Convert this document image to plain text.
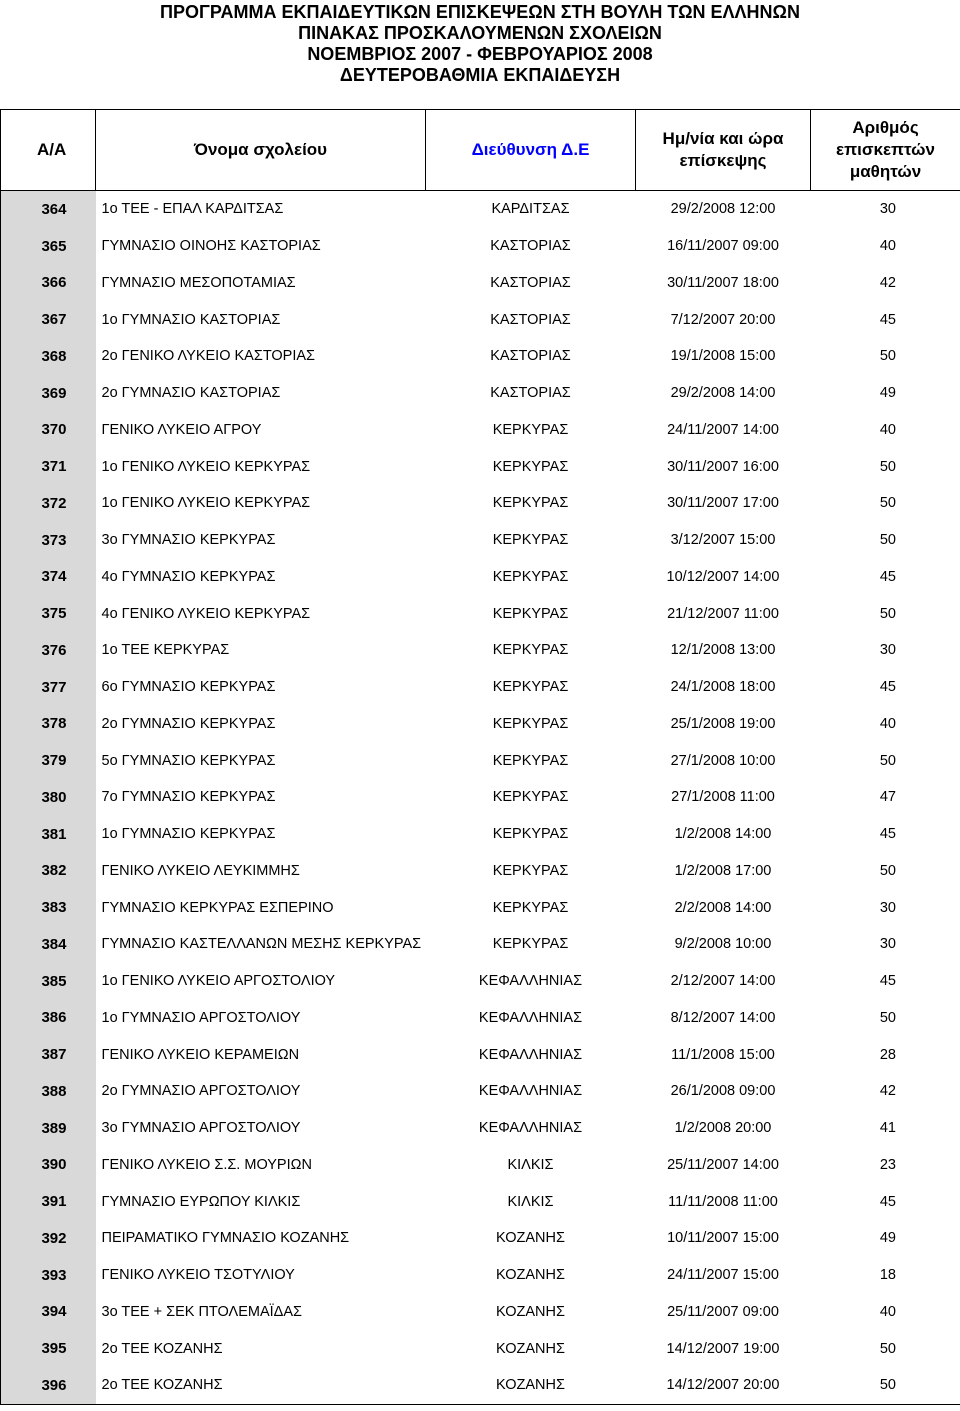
ΠΡΟΓΡΑΜΜΑ ΕΚΠΑΙΔΕΥΤΙΚΩΝ ΕΠΙΣΚΕΨΕΩΝ ΣΤΗ ΒΟΥΛΗ ΤΩΝ ΕΛΛΗΝΩΝ
ΠΙΝΑΚΑΣ ΠΡΟΣΚΑΛΟΥΜΕΝΩΝ ΣΧΟΛΕΙΩΝ
ΝΟΕΜΒΡΙΟΣ 2007 - ΦΕΒΡΟΥΑΡΙΟΣ 2008
ΔΕΥΤΕΡΟΒΑΘΜΙΑ ΕΚΠΑΙΔΕΥΣΗ
Α/Α	Όνομα σχολείου	Διεύθυνση Δ.Ε	Ημ/νία και ώρα επίσκεψης	Αριθμός επισκεπτών μαθητών
364	1ο ΤΕΕ - ΕΠΑΛ ΚΑΡΔΙΤΣΑΣ	ΚΑΡΔΙΤΣΑΣ	29/2/2008 12:00	30
365	ΓΥΜΝΑΣΙΟ ΟΙΝΟΗΣ ΚΑΣΤΟΡΙΑΣ	ΚΑΣΤΟΡΙΑΣ	16/11/2007 09:00	40
366	ΓΥΜΝΑΣΙΟ ΜΕΣΟΠΟΤΑΜΙΑΣ	ΚΑΣΤΟΡΙΑΣ	30/11/2007 18:00	42
367	1ο ΓΥΜΝΑΣΙΟ ΚΑΣΤΟΡΙΑΣ	ΚΑΣΤΟΡΙΑΣ	7/12/2007 20:00	45
368	2ο ΓΕΝΙΚΟ ΛΥΚΕΙΟ ΚΑΣΤΟΡΙΑΣ	ΚΑΣΤΟΡΙΑΣ	19/1/2008 15:00	50
369	2ο ΓΥΜΝΑΣΙΟ ΚΑΣΤΟΡΙΑΣ	ΚΑΣΤΟΡΙΑΣ	29/2/2008 14:00	49
370	ΓΕΝΙΚΟ ΛΥΚΕΙΟ ΑΓΡΟΥ	ΚΕΡΚΥΡΑΣ	24/11/2007 14:00	40
371	1ο ΓΕΝΙΚΟ ΛΥΚΕΙΟ ΚΕΡΚΥΡΑΣ	ΚΕΡΚΥΡΑΣ	30/11/2007 16:00	50
372	1ο ΓΕΝΙΚΟ ΛΥΚΕΙΟ ΚΕΡΚΥΡΑΣ	ΚΕΡΚΥΡΑΣ	30/11/2007 17:00	50
373	3ο ΓΥΜΝΑΣΙΟ ΚΕΡΚΥΡΑΣ	ΚΕΡΚΥΡΑΣ	3/12/2007 15:00	50
374	4ο ΓΥΜΝΑΣΙΟ ΚΕΡΚΥΡΑΣ	ΚΕΡΚΥΡΑΣ	10/12/2007 14:00	45
375	4ο ΓΕΝΙΚΟ ΛΥΚΕΙΟ ΚΕΡΚΥΡΑΣ	ΚΕΡΚΥΡΑΣ	21/12/2007 11:00	50
376	1ο ΤΕΕ ΚΕΡΚΥΡΑΣ	ΚΕΡΚΥΡΑΣ	12/1/2008 13:00	30
377	6ο ΓΥΜΝΑΣΙΟ ΚΕΡΚΥΡΑΣ	ΚΕΡΚΥΡΑΣ	24/1/2008 18:00	45
378	2ο ΓΥΜΝΑΣΙΟ ΚΕΡΚΥΡΑΣ	ΚΕΡΚΥΡΑΣ	25/1/2008 19:00	40
379	5ο ΓΥΜΝΑΣΙΟ ΚΕΡΚΥΡΑΣ	ΚΕΡΚΥΡΑΣ	27/1/2008 10:00	50
380	7ο ΓΥΜΝΑΣΙΟ ΚΕΡΚΥΡΑΣ	ΚΕΡΚΥΡΑΣ	27/1/2008 11:00	47
381	1ο ΓΥΜΝΑΣΙΟ ΚΕΡΚΥΡΑΣ	ΚΕΡΚΥΡΑΣ	1/2/2008 14:00	45
382	ΓΕΝΙΚΟ ΛΥΚΕΙΟ ΛΕΥΚΙΜΜΗΣ	ΚΕΡΚΥΡΑΣ	1/2/2008 17:00	50
383	ΓΥΜΝΑΣΙΟ ΚΕΡΚΥΡΑΣ ΕΣΠΕΡΙΝΟ	ΚΕΡΚΥΡΑΣ	2/2/2008 14:00	30
384	ΓΥΜΝΑΣΙΟ ΚΑΣΤΕΛΛΑΝΩΝ ΜΕΣΗΣ ΚΕΡΚΥΡΑΣ	ΚΕΡΚΥΡΑΣ	9/2/2008 10:00	30
385	1ο ΓΕΝΙΚΟ ΛΥΚΕΙΟ ΑΡΓΟΣΤΟΛΙΟΥ	ΚΕΦΑΛΛΗΝΙΑΣ	2/12/2007 14:00	45
386	1ο ΓΥΜΝΑΣΙΟ ΑΡΓΟΣΤΟΛΙΟΥ	ΚΕΦΑΛΛΗΝΙΑΣ	8/12/2007 14:00	50
387	ΓΕΝΙΚΟ ΛΥΚΕΙΟ ΚΕΡΑΜΕΙΩΝ	ΚΕΦΑΛΛΗΝΙΑΣ	11/1/2008 15:00	28
388	2ο ΓΥΜΝΑΣΙΟ ΑΡΓΟΣΤΟΛΙΟΥ	ΚΕΦΑΛΛΗΝΙΑΣ	26/1/2008 09:00	42
389	3ο ΓΥΜΝΑΣΙΟ ΑΡΓΟΣΤΟΛΙΟΥ	ΚΕΦΑΛΛΗΝΙΑΣ	1/2/2008 20:00	41
390	ΓΕΝΙΚΟ ΛΥΚΕΙΟ Σ.Σ. ΜΟΥΡΙΩΝ	ΚΙΛΚΙΣ	25/11/2007 14:00	23
391	ΓΥΜΝΑΣΙΟ ΕΥΡΩΠΟΥ ΚΙΛΚΙΣ	ΚΙΛΚΙΣ	11/11/2008 11:00	45
392	ΠΕΙΡΑΜΑΤΙΚΟ ΓΥΜΝΑΣΙΟ ΚΟΖΑΝΗΣ	ΚΟΖΑΝΗΣ	10/11/2007 15:00	49
393	ΓΕΝΙΚΟ ΛΥΚΕΙΟ ΤΣΟΤΥΛΙΟΥ	ΚΟΖΑΝΗΣ	24/11/2007 15:00	18
394	3ο ΤΕΕ + ΣΕΚ ΠΤΟΛΕΜΑΪΔΑΣ	ΚΟΖΑΝΗΣ	25/11/2007 09:00	40
395	2ο ΤΕΕ ΚΟΖΑΝΗΣ	ΚΟΖΑΝΗΣ	14/12/2007 19:00	50
396	2ο ΤΕΕ ΚΟΖΑΝΗΣ	ΚΟΖΑΝΗΣ	14/12/2007 20:00	50
